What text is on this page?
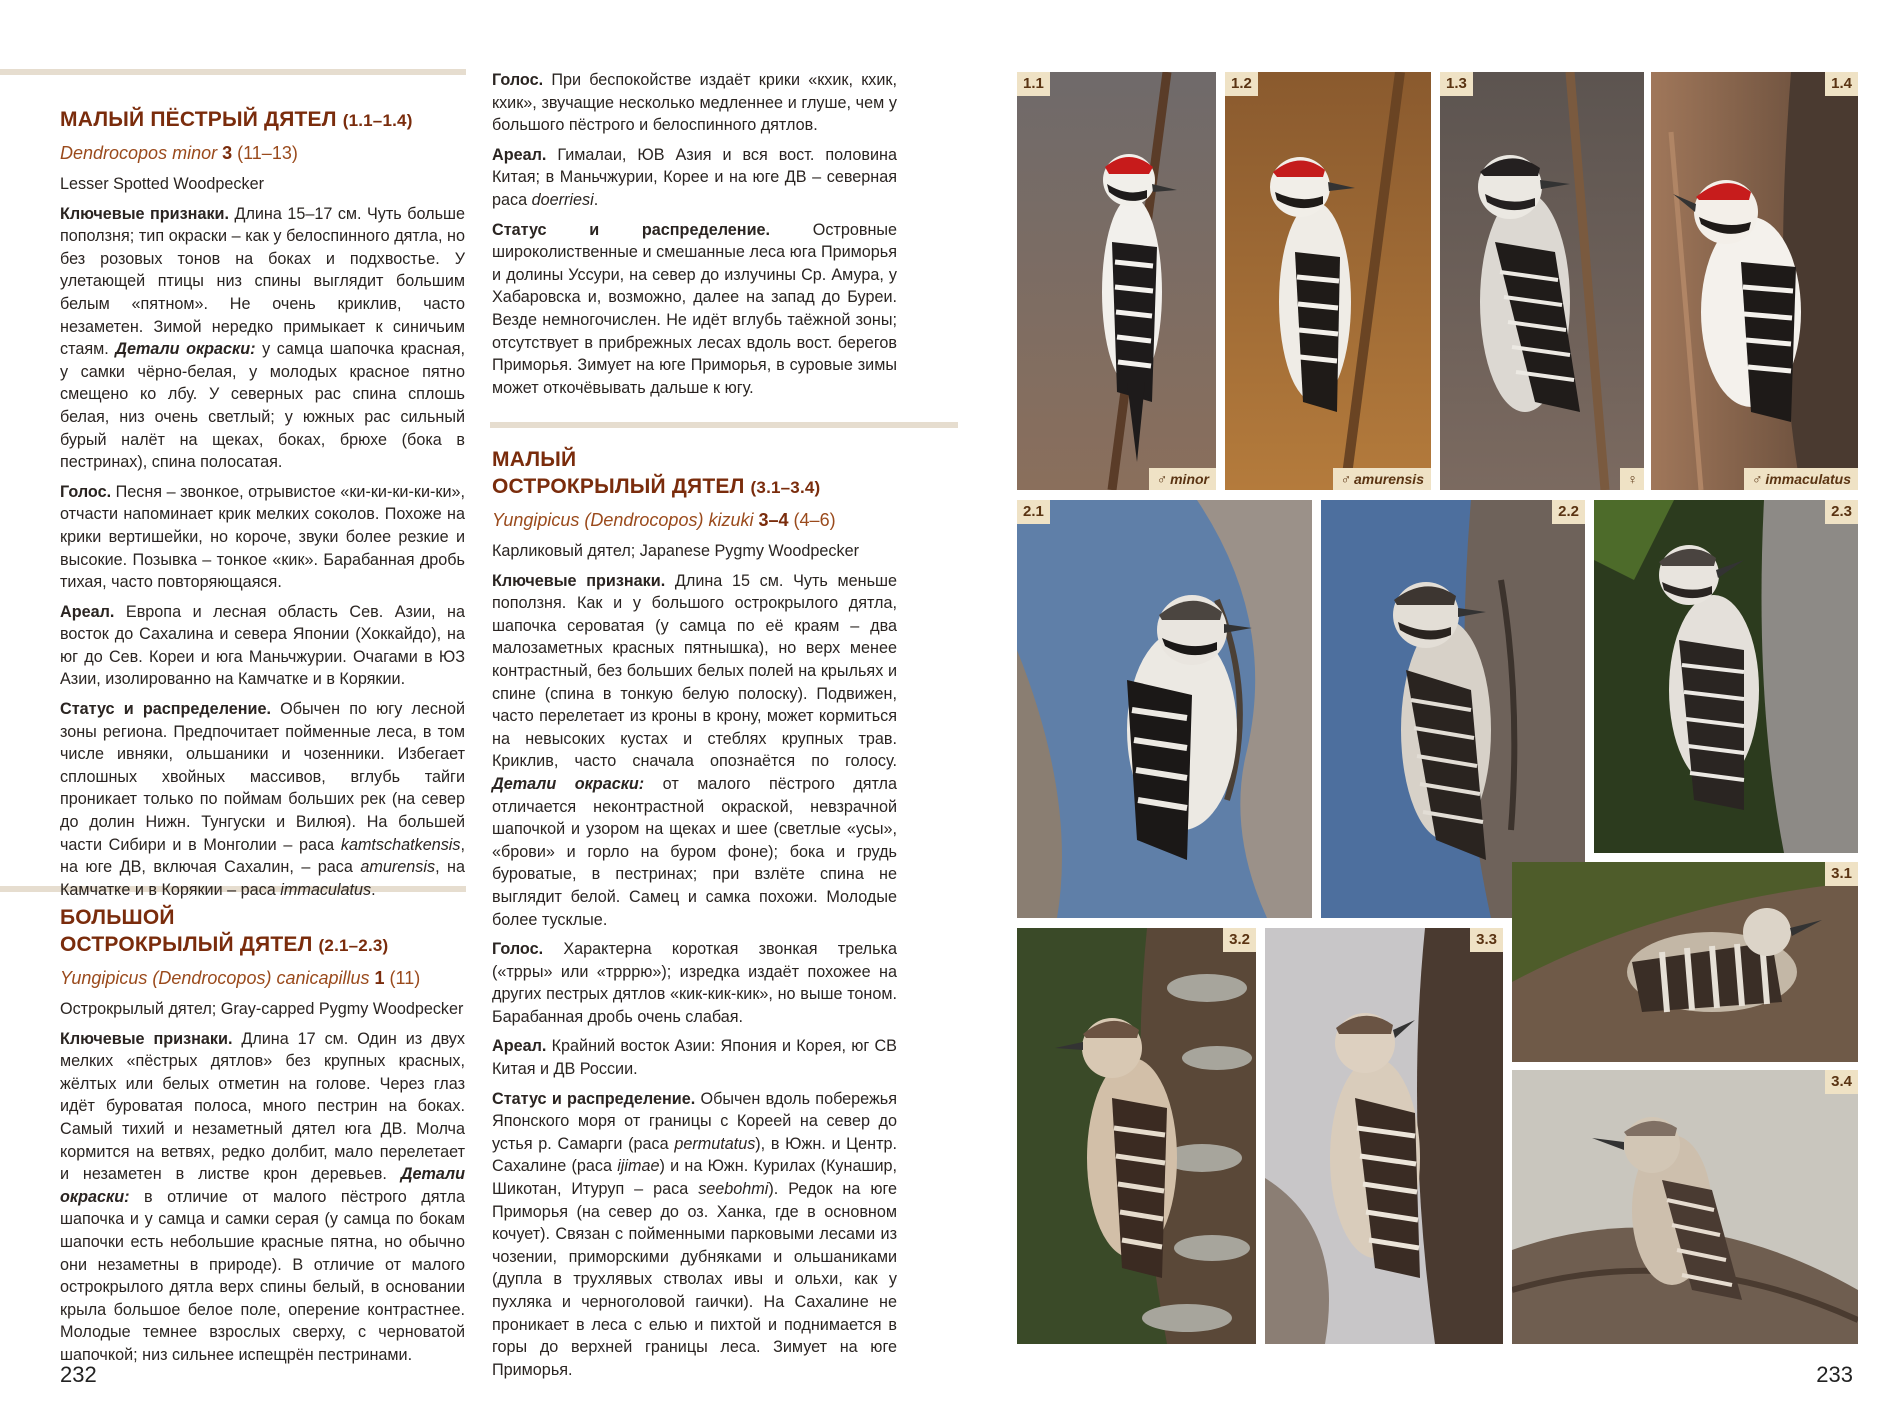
МАЛЫЙ ПЁСТРЫЙ ДЯТЕЛ (1.1–1.4)

Dendrocopos minor 3 (11–13)

Lesser Spotted Woodpecker

Ключевые признаки. Длина 15–17 см. Чуть больше поползня; тип окраски – как у белоспинного дятла, но без розовых тонов на боках и подхвостье. У улетающей птицы низ спины выглядит большим белым «пятном». Не очень криклив, часто незаметен. Зимой нередко примыкает к синичьим стаям. Детали окраски: у самца шапочка красная, у самки чёрно-белая, у молодых красное пятно смещено ко лбу. У северных рас спина сплошь белая, низ очень светлый; у южных рас сильный бурый налёт на щеках, боках, брюхе (бока в пестринах), спина полосатая.

Голос. Песня – звонкое, отрывистое «ки-ки-ки-ки-ки», отчасти напоминает крик мелких соколов. Похоже на крики вертишейки, но короче, звуки более резкие и высокие. Позывка – тонкое «кик». Барабанная дробь тихая, часто повторяющаяся.

Ареал. Европа и лесная область Сев. Азии, на восток до Сахалина и севера Японии (Хоккайдо), на юг до Сев. Кореи и юга Маньчжурии. Очагами в ЮЗ Азии, изолированно на Камчатке и в Корякии.

Статус и распределение. Обычен по югу лесной зоны региона. Предпочитает пойменные леса, в том числе ивняки, ольшаники и чозенники. Избегает сплошных хвойных массивов, вглубь тайги проникает только по поймам больших рек (на север до долин Нижн. Тунгуски и Вилюя). На большей части Сибири и в Монголии – раса kamtschatkensis, на юге ДВ, включая Сахалин, – раса amurensis, на Камчатке и в Корякии – раса immaculatus.

БОЛЬШОЙ
ОСТРОКРЫЛЫЙ ДЯТЕЛ (2.1–2.3)

Yungipicus (Dendrocopos) canicapillus 1 (11)

Острокрылый дятел; Gray-capped Pygmy Woodpecker

Ключевые признаки. Длина 17 см. Один из двух мелких «пёстрых дятлов» без крупных красных, жёлтых или белых отметин на голове. Через глаз идёт буроватая полоса, много пестрин на боках. Самый тихий и незаметный дятел юга ДВ. Молча кормится на ветвях, редко долбит, мало перелетает и незаметен в листве крон деревьев. Детали окраски: в отличие от малого пёстрого дятла шапочка и у самца и самки серая (у самца по бокам шапочки есть небольшие красные пятна, но обычно они незаметны в природе). В отличие от малого острокрылого дятла верх спины белый, в основании крыла большое белое поле, оперение контрастнее. Молодые темнее взрослых сверху, с черноватой шапочкой; низ сильнее испещрён пестринами.

Голос. При беспокойстве издаёт крики «кхик, кхик, кхик», звучащие несколько медленнее и глуше, чем у большого пёстрого и белоспинного дятлов.

Ареал. Гималаи, ЮВ Азия и вся вост. половина Китая; в Маньчжурии, Корее и на юге ДВ – северная раса doerriesi.

Статус и распределение.	Островные широколиственные и смешанные леса юга Приморья и долины Уссури, на север до излучины Ср. Амура, у Хабаровска и, возможно, далее на запад до Буреи. Везде немногочислен. Не идёт вглубь таёжной зоны; отсутствует в прибрежных лесах вдоль вост. берегов Приморья. Зимует на юге Приморья, в суровые зимы может откочёвывать дальше к югу.

МАЛЫЙ
ОСТРОКРЫЛЫЙ ДЯТЕЛ (3.1–3.4)

Yungipicus (Dendrocopos) kizuki 3–4 (4–6)

Карликовый дятел; Japanese Pygmy Woodpecker

Ключевые признаки. Длина 15 см. Чуть меньше поползня. Как и у большого острокрылого дятла, шапочка сероватая (у самца по её краям – два малозаметных красных пятнышка), но верх менее контрастный, без больших белых полей на крыльях и спине (спина в тонкую белую полоску). Подвижен, часто перелетает из кроны в крону, может кормиться на невысоких кустах и стеблях крупных трав. Криклив, часто сначала опознаётся по голосу. Детали окраски: от малого пёстрого дятла отличается неконтрастной окраской, невзрачной шапочкой и узором на щеках и шее (светлые «усы», «брови» и горло на буром фоне); бока и грудь буроватые, в пестринах; при взлёте спина не выглядит белой. Самец и самка похожи. Молодые более тусклые.

Голос. Характерна короткая звонкая трелька («трры» или «трррю»); изредка издаёт похожее на других пестрых дятлов «кик-кик-кик», но выше тоном. Барабанная дробь очень слабая.

Ареал. Крайний восток Азии: Япония и Корея, юг СВ Китая и ДВ России.

Статус и распределение. Обычен вдоль побережья Японского моря от границы с Кореей на север до устья р. Самарги (раса permutatus), в Южн. и Центр. Сахалине (раса ijimae) и на Южн. Курилах (Кунашир, Шикотан, Итуруп – раса seebohmi). Редок на юге Приморья (на север до оз. Ханка, где в основном кочует). Связан с пойменными парковыми лесами из чозении, приморскими дубняками и ольшаниками (дупла в трухлявых стволах ивы и ольхи, как у пухляка и черноголовой гаички). На Сахалине не проникает в леса с елью и пихтой и поднимается в горы до верхней границы леса. Зимует на юге Приморья.

232	233
1.1
♂ minor
1.2
♂ amurensis
1.3
♀
1.4
♂ immaculatus
2.1	2.2	2.3
3.1
3.2	3.3
3.4
